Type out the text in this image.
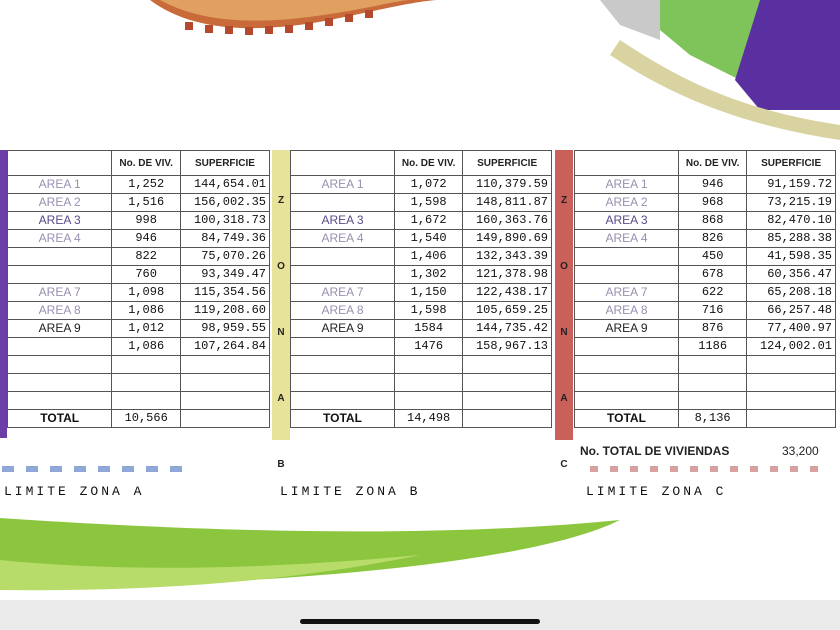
	No. DE VIV.	SUPERFICIE
AREA 1	1,252	144,654.01
AREA 2	1,516	156,002.35
AREA 3	998	100,318.73
AREA 4	946	84,749.36
	822	75,070.26
	760	93,349.47
AREA 7	1,098	115,354.56
AREA 8	1,086	119,208.60
AREA 9	1,012	98,959.55
	1,086	107,264.84

TOTAL	10,566	
Z
O
N
A
B
	No. DE VIV.	SUPERFICIE
AREA 1	1,072	110,379.59
	1,598	148,811.87
AREA 3	1,672	160,363.76
AREA 4	1,540	149,890.69
	1,406	132,343.39
	1,302	121,378.98
AREA 7	1,150	122,438.17
AREA 8	1,598	105,659.25
AREA 9	1584	144,735.42
	1476	158,967.13

TOTAL	14,498	
Z
O
N
A
C
	No. DE VIV.	SUPERFICIE
AREA 1	946	91,159.72
AREA 2	968	73,215.19
AREA 3	868	82,470.10
AREA 4	826	85,288.38
	450	41,598.35
	678	60,356.47
AREA 7	622	65,208.18
AREA 8	716	66,257.48
AREA 9	876	77,400.97
	1186	124,002.01

TOTAL	8,136	
No. TOTAL DE VIVIENDAS	33,200
LIMITE ZONA A	LIMITE ZONA B	LIMITE ZONA C
